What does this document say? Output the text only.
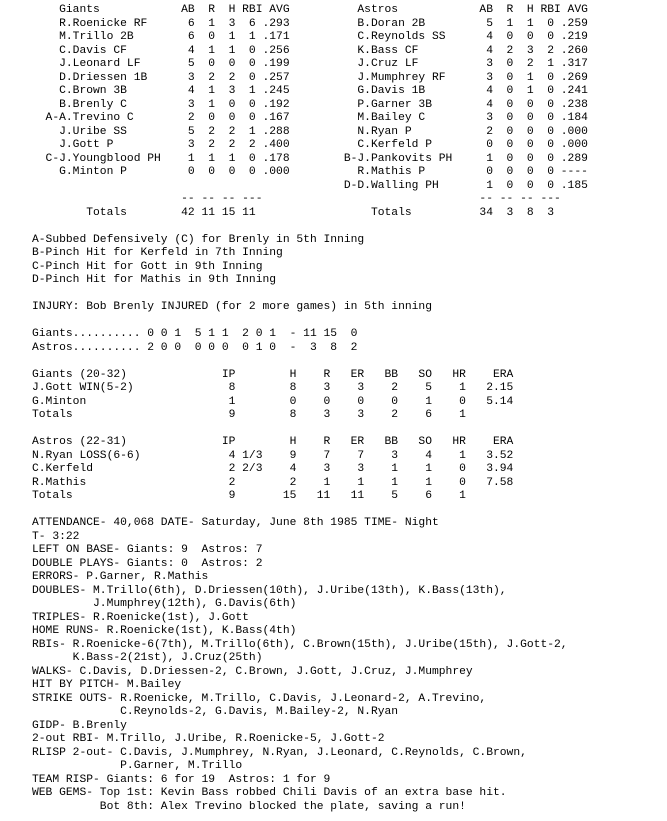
Giants            AB  R  H RBI AVG          Astros            AB  R  H RBI AVG
R.Roenicke RF      6  1  3  6 .293          B.Doran 2B         5  1  1  0 .259
M.Trillo 2B        6  0  1  1 .171          C.Reynolds SS      4  0  0  0 .219
C.Davis CF         4  1  1  0 .256          K.Bass CF          4  2  3  2 .260
J.Leonard LF       5  0  0  0 .199          J.Cruz LF          3  0  2  1 .317
D.Driessen 1B      3  2  2  0 .257          J.Mumphrey RF      3  0  1  0 .269
C.Brown 3B         4  1  3  1 .245          G.Davis 1B         4  0  1  0 .241
B.Brenly C         3  1  0  0 .192          P.Garner 3B        4  0  0  0 .238
A-A.Trevino C        2  0  0  0 .167          M.Bailey C         3  0  0  0 .184
J.Uribe SS         5  2  2  1 .288          N.Ryan P           2  0  0  0 .000
J.Gott P           3  2  2  2 .400          C.Kerfeld P        0  0  0  0 .000
C-J.Youngblood PH    1  1  1  0 .178        B-J.Pankovits PH     1  0  0  0 .289
G.Minton P         0  0  0  0 .000          R.Mathis P         0  0  0  0 ----
D-D.Walling PH       1  0  0  0 .185
-- -- -- ---                                -- -- -- ---
Totals        42 11 15 11                 Totals          34  3  8  3
A-Subbed Defensively (C) for Brenly in 5th Inning
B-Pinch Hit for Kerfeld in 7th Inning
C-Pinch Hit for Gott in 9th Inning
D-Pinch Hit for Mathis in 9th Inning
INJURY: Bob Brenly INJURED (for 2 more games) in 5th inning
Giants.......... 0 0 1  5 1 1  2 0 1  - 11 15  0
Astros.......... 2 0 0  0 0 0  0 1 0  -  3  8  2
Giants (20-32)              IP        H    R   ER   BB   SO   HR    ERA
J.Gott WIN(5-2)              8        8    3    3    2    5    1   2.15
G.Minton                     1        0    0    0    0    1    0   5.14
Totals                       9        8    3    3    2    6    1
Astros (22-31)              IP        H    R   ER   BB   SO   HR    ERA
N.Ryan LOSS(6-6)             4 1/3    9    7    7    3    4    1   3.52
C.Kerfeld                    2 2/3    4    3    3    1    1    0   3.94
R.Mathis                     2        2    1    1    1    1    0   7.58
Totals                       9       15   11   11    5    6    1
ATTENDANCE- 40,068 DATE- Saturday, June 8th 1985 TIME- Night
T- 3:22
LEFT ON BASE- Giants: 9  Astros: 7
DOUBLE PLAYS- Giants: 0  Astros: 2
ERRORS- P.Garner, R.Mathis
DOUBLES- M.Trillo(6th), D.Driessen(10th), J.Uribe(13th), K.Bass(13th),
J.Mumphrey(12th), G.Davis(6th)
TRIPLES- R.Roenicke(1st), J.Gott
HOME RUNS- R.Roenicke(1st), K.Bass(4th)
RBIs- R.Roenicke-6(7th), M.Trillo(6th), C.Brown(15th), J.Uribe(15th), J.Gott-2,
K.Bass-2(21st), J.Cruz(25th)
WALKS- C.Davis, D.Driessen-2, C.Brown, J.Gott, J.Cruz, J.Mumphrey
HIT BY PITCH- M.Bailey
STRIKE OUTS- R.Roenicke, M.Trillo, C.Davis, J.Leonard-2, A.Trevino,
C.Reynolds-2, G.Davis, M.Bailey-2, N.Ryan
GIDP- B.Brenly
2-out RBI- M.Trillo, J.Uribe, R.Roenicke-5, J.Gott-2
RLISP 2-out- C.Davis, J.Mumphrey, N.Ryan, J.Leonard, C.Reynolds, C.Brown,
P.Garner, M.Trillo
TEAM RISP- Giants: 6 for 19  Astros: 1 for 9
WEB GEMS- Top 1st: Kevin Bass robbed Chili Davis of an extra base hit.
Bot 8th: Alex Trevino blocked the plate, saving a run!
